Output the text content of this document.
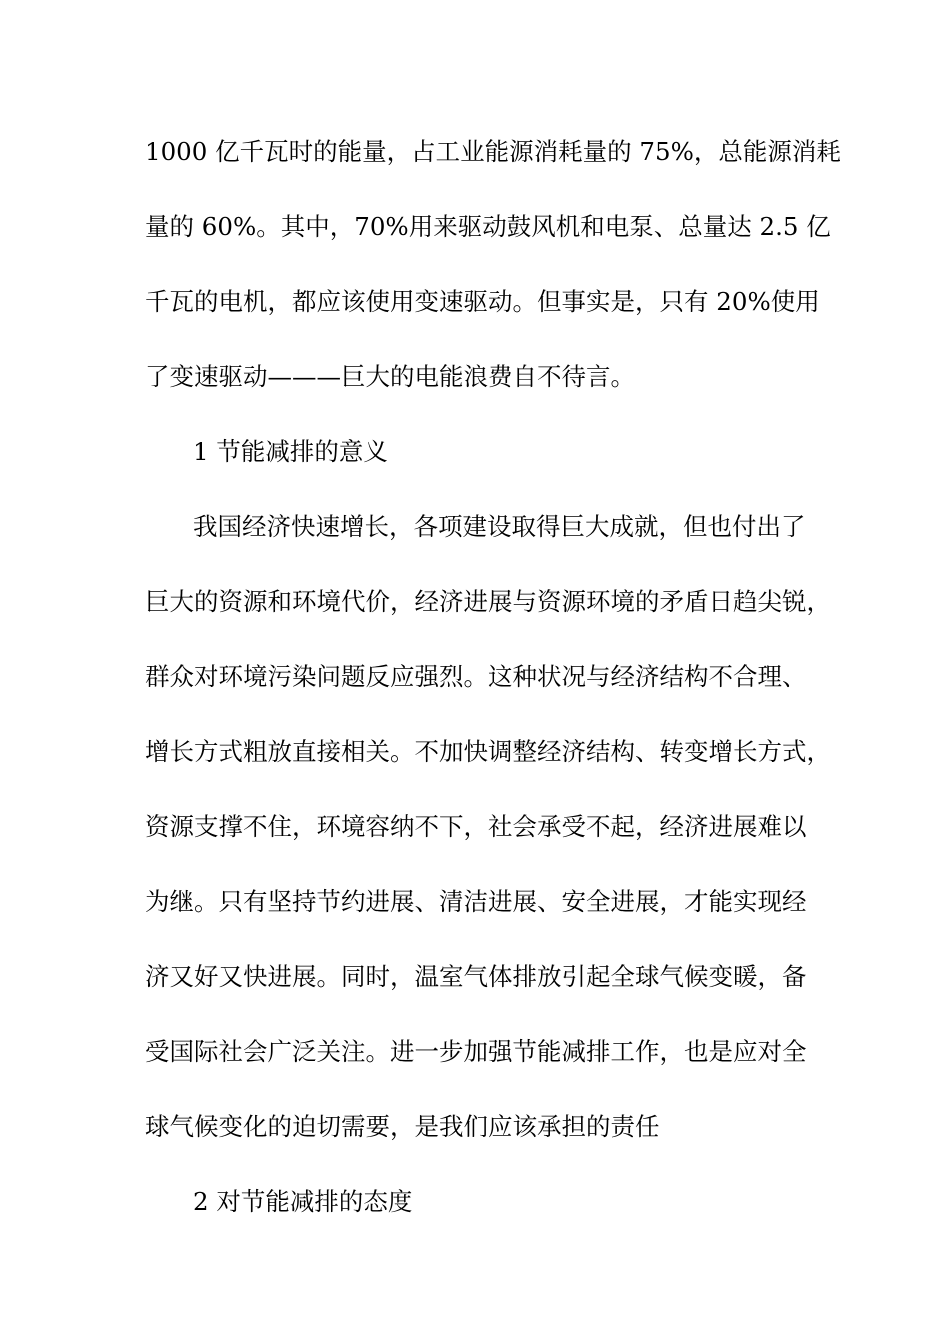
1000 亿千瓦时的能量，占工业能源消耗量的 75%，总能源消耗
量的 60%。其中，70%用来驱动鼓风机和电泵、总量达 2.5 亿
千瓦的电机，都应该使用变速驱动。但事实是，只有 20%使用
了变速驱动———巨大的电能浪费自不待言。
1 节能减排的意义
我国经济快速增长，各项建设取得巨大成就，但也付出了
巨大的资源和环境代价，经济进展与资源环境的矛盾日趋尖锐，
群众对环境污染问题反应强烈。这种状况与经济结构不合理、
增长方式粗放直接相关。不加快调整经济结构、转变增长方式，
资源支撑不住，环境容纳不下，社会承受不起，经济进展难以
为继。只有坚持节约进展、清洁进展、安全进展，才能实现经
济又好又快进展。同时，温室气体排放引起全球气候变暖，备
受国际社会广泛关注。进一步加强节能减排工作，也是应对全
球气候变化的迫切需要，是我们应该承担的责任
2 对节能减排的态度
